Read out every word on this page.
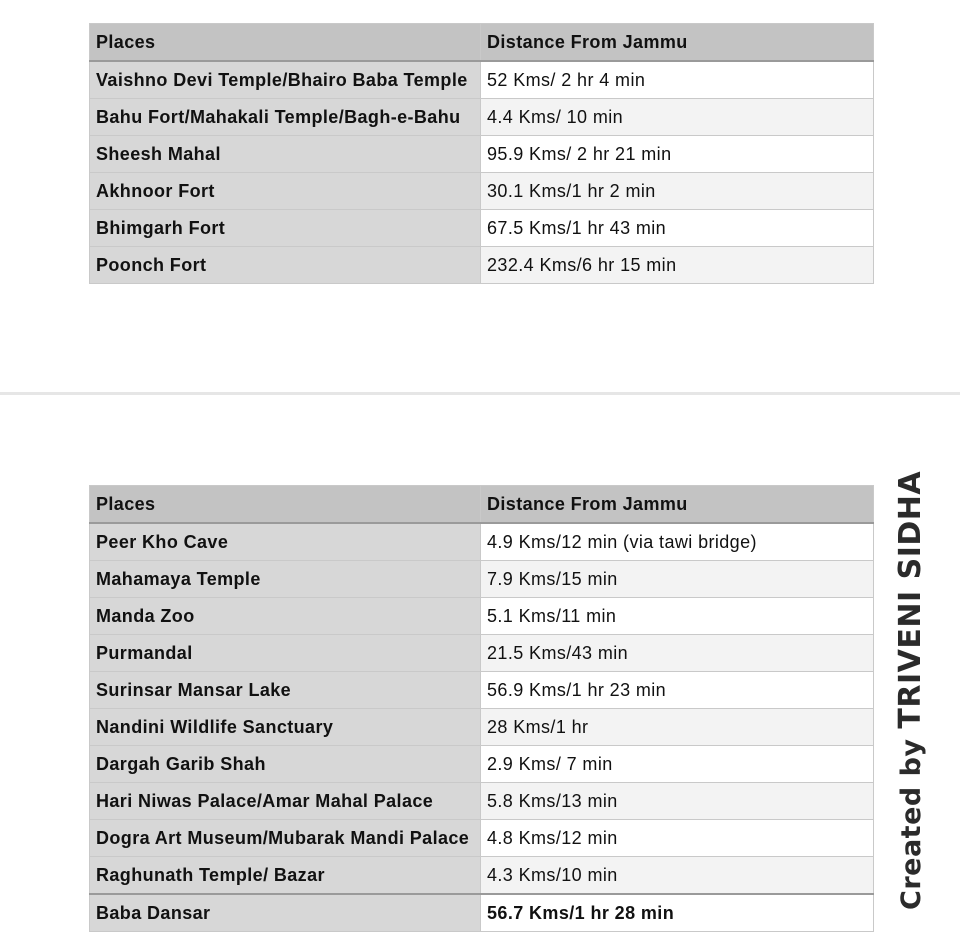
Places	Distance From Jammu
Vaishno Devi Temple/Bhairo Baba Temple	52 Kms/ 2 hr 4 min
Bahu Fort/Mahakali Temple/Bagh-e-Bahu	4.4 Kms/ 10 min
Sheesh Mahal	95.9 Kms/ 2 hr 21 min
Akhnoor Fort	30.1 Kms/1 hr 2 min
Bhimgarh Fort	67.5 Kms/1 hr 43 min
Poonch Fort	232.4 Kms/6 hr 15 min
Places	Distance From Jammu
Peer Kho Cave	4.9 Kms/12 min (via tawi bridge)
Mahamaya Temple	7.9 Kms/15 min
Manda Zoo	5.1 Kms/11 min
Purmandal	21.5 Kms/43 min
Surinsar Mansar Lake	56.9 Kms/1 hr 23 min
Nandini Wildlife Sanctuary	28 Kms/1 hr
Dargah Garib Shah	2.9 Kms/ 7 min
Hari Niwas Palace/Amar Mahal Palace	5.8 Kms/13 min
Dogra Art Museum/Mubarak Mandi Palace	4.8 Kms/12 min
Raghunath Temple/ Bazar	4.3 Kms/10 min
Baba Dansar	56.7 Kms/1 hr 28 min
Created by TRIVENI SIDHA
